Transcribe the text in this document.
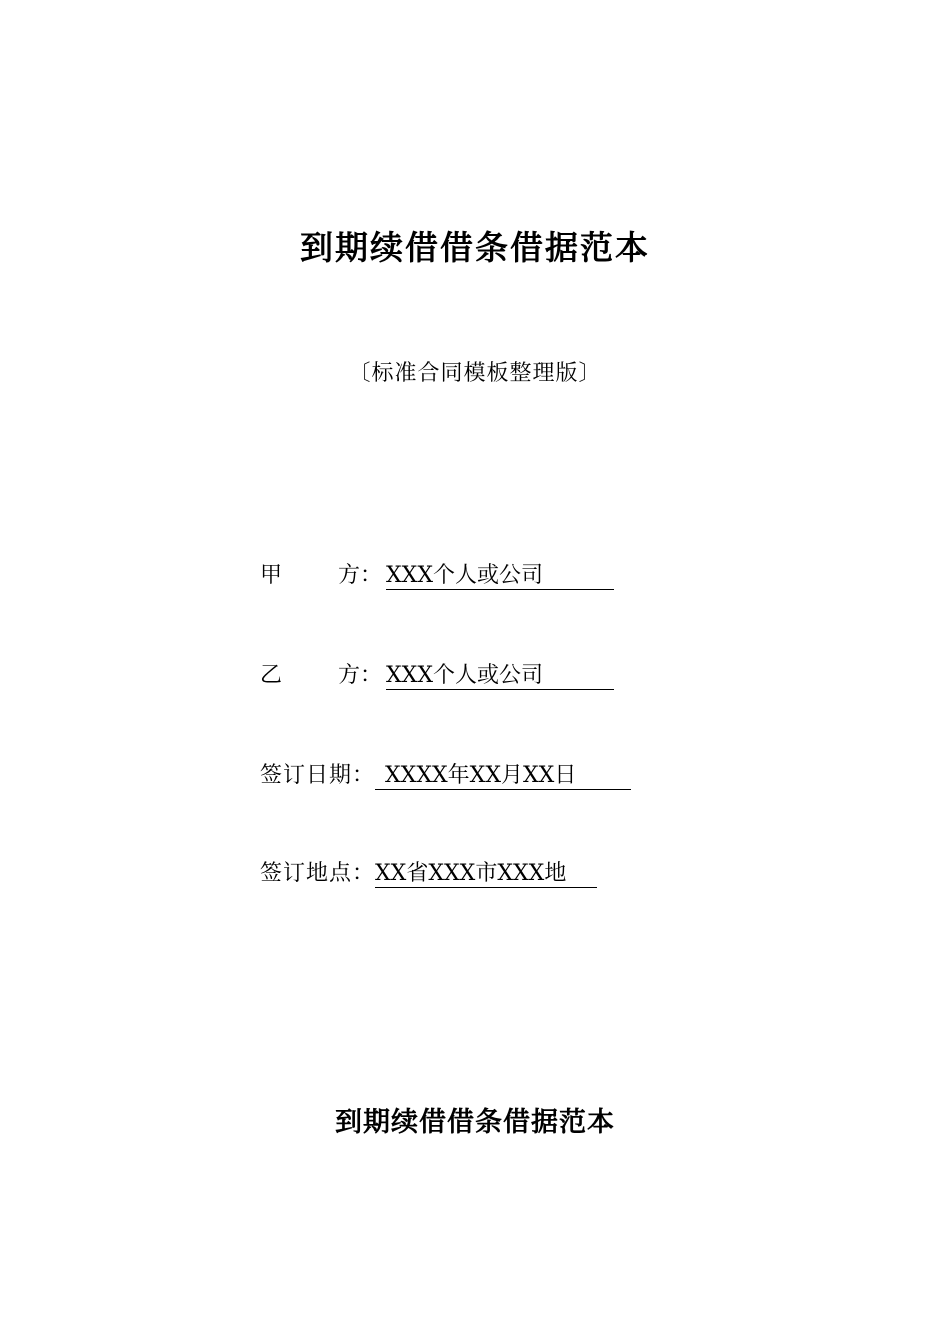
到期续借借条借据范本
〔标准合同模板整理版〕
甲	方： XXX个人或公司
乙	方： XXX个人或公司
签订日期： XXXX年XX月XX日
签订地点：XX省XXX市XXX地
到期续借借条借据范本
